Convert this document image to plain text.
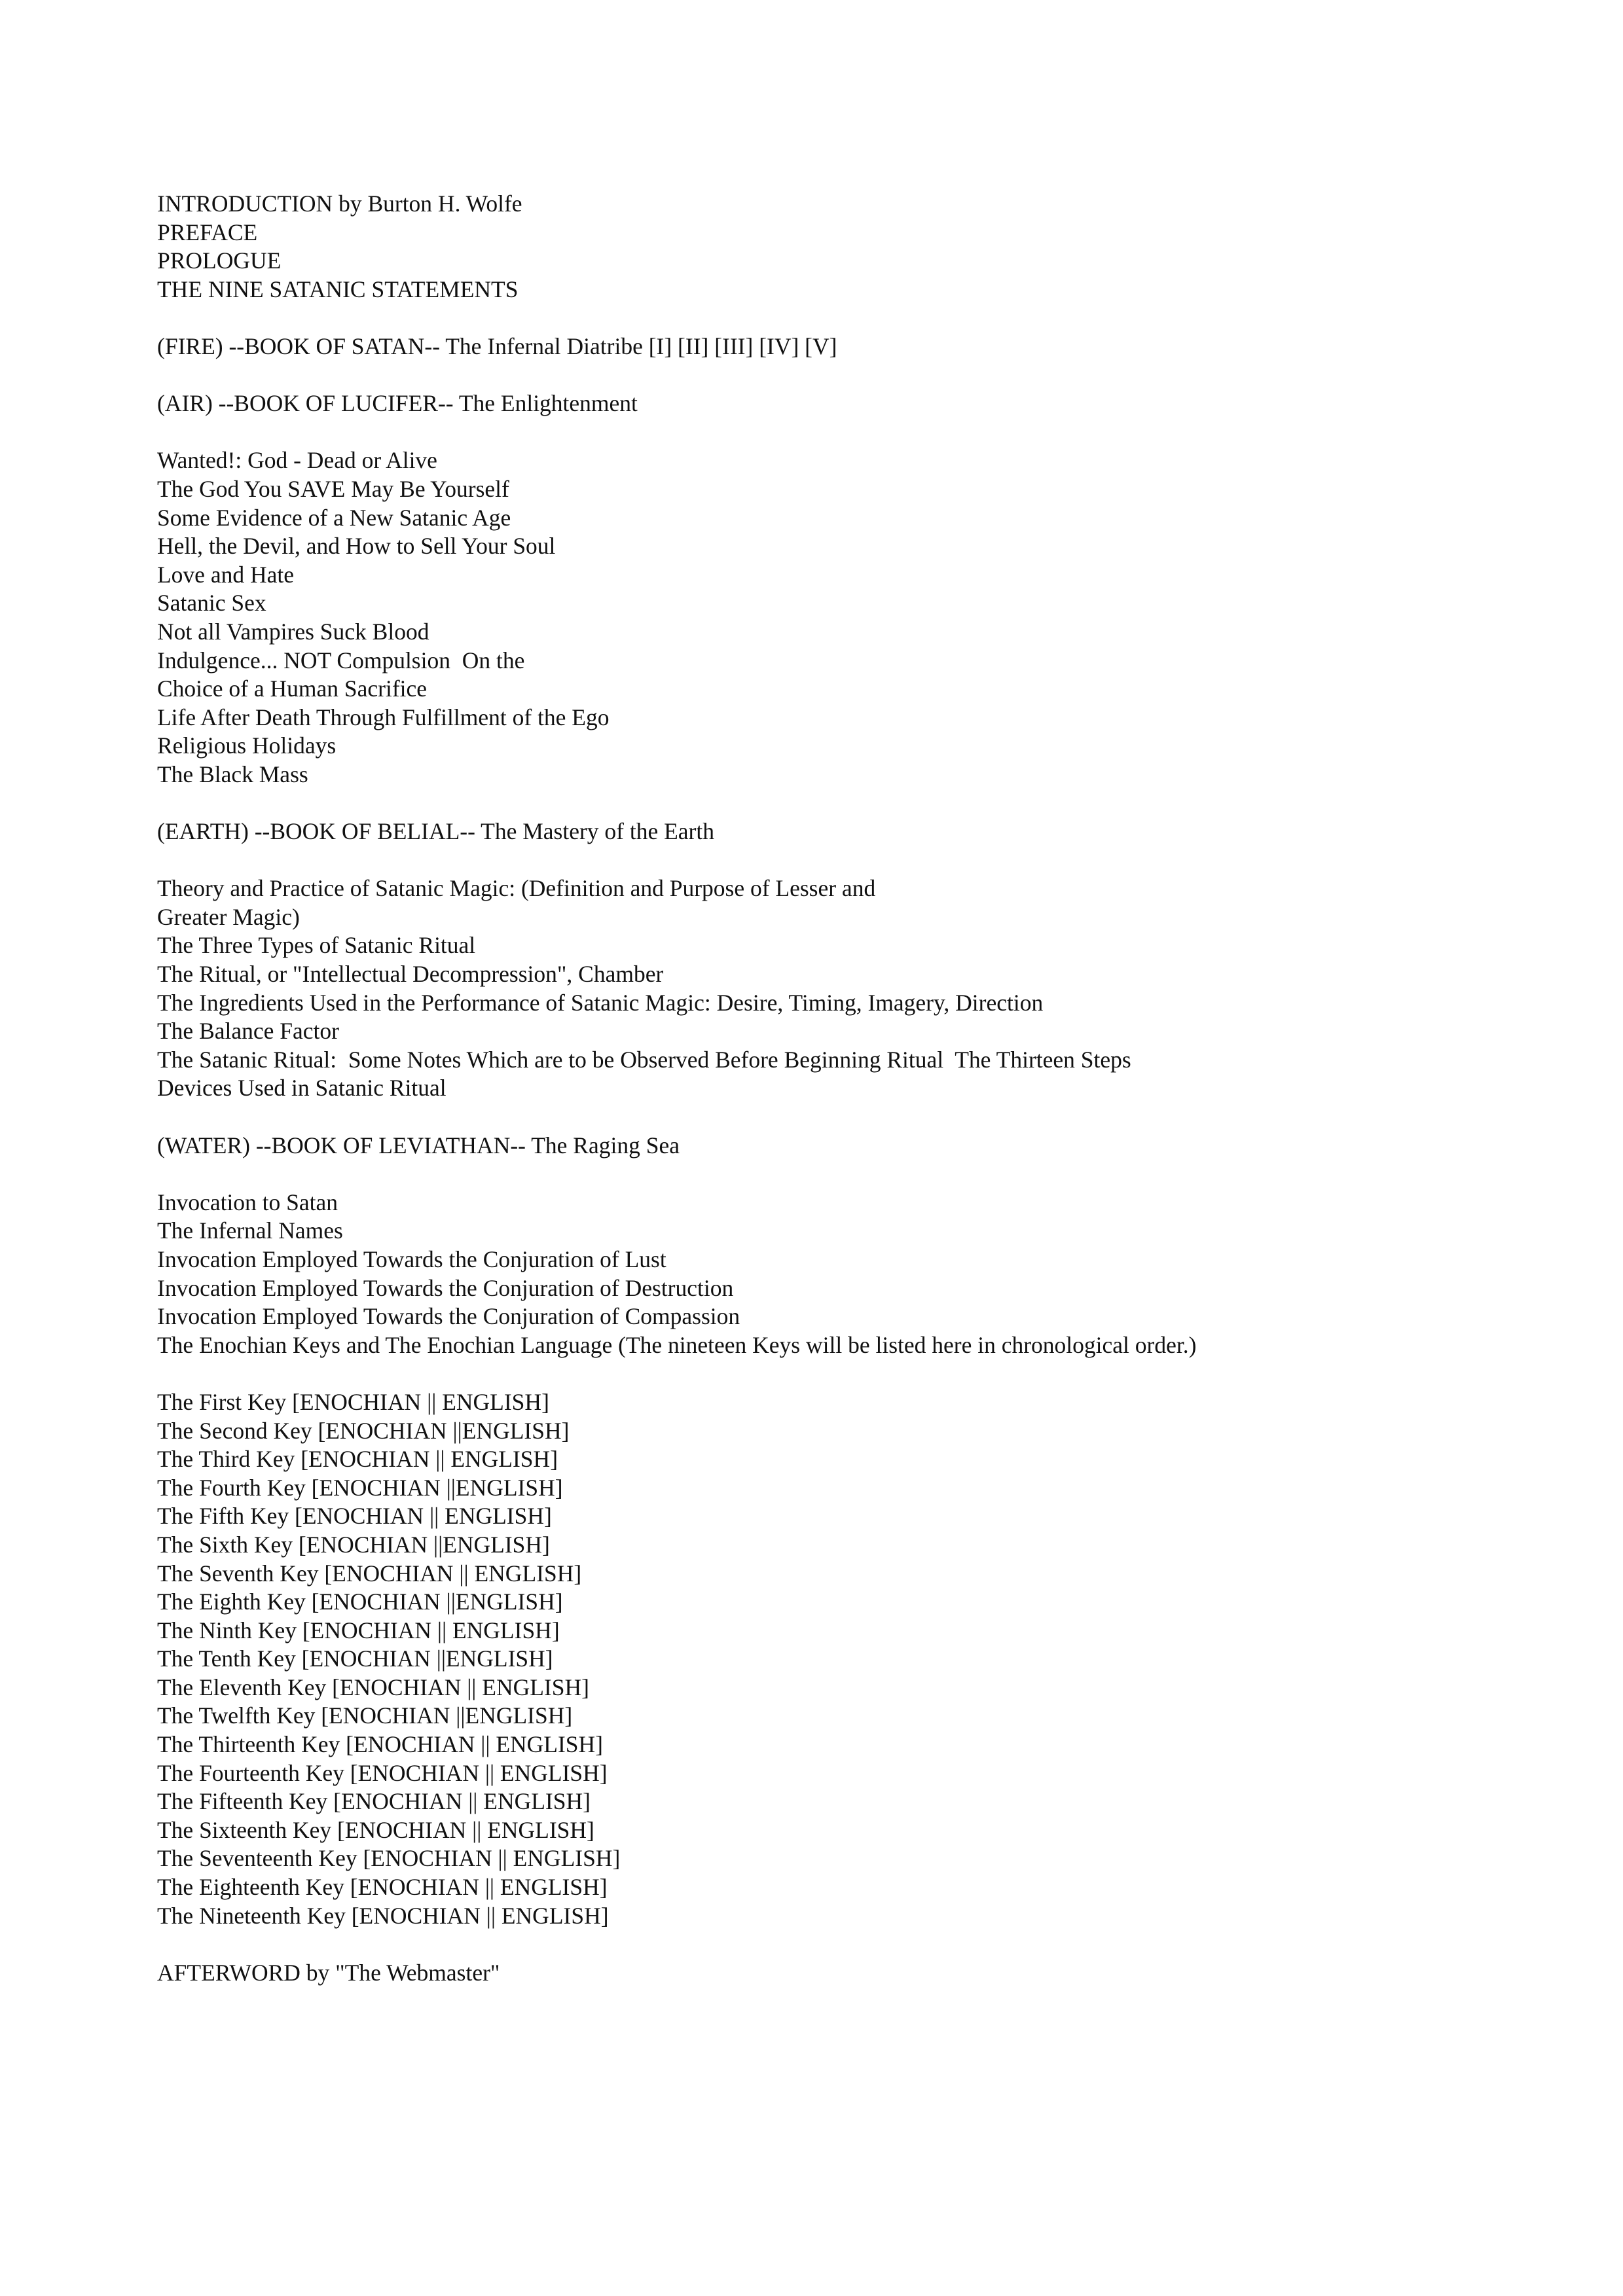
INTRODUCTION by Burton H. Wolfe
PREFACE
PROLOGUE
THE NINE SATANIC STATEMENTS
(FIRE) --BOOK OF SATAN-- The Infernal Diatribe [I] [II] [III] [IV] [V]
(AIR) --BOOK OF LUCIFER-- The Enlightenment
Wanted!: God - Dead or Alive
The God You SAVE May Be Yourself
Some Evidence of a New Satanic Age
Hell, the Devil, and How to Sell Your Soul
Love and Hate
Satanic Sex
Not all Vampires Suck Blood
Indulgence... NOT Compulsion  On the
Choice of a Human Sacrifice
Life After Death Through Fulfillment of the Ego
Religious Holidays
The Black Mass
(EARTH) --BOOK OF BELIAL-- The Mastery of the Earth
Theory and Practice of Satanic Magic: (Definition and Purpose of Lesser and
Greater Magic)
The Three Types of Satanic Ritual
The Ritual, or "Intellectual Decompression", Chamber
The Ingredients Used in the Performance of Satanic Magic: Desire, Timing, Imagery, Direction
The Balance Factor
The Satanic Ritual:  Some Notes Which are to be Observed Before Beginning Ritual  The Thirteen Steps
Devices Used in Satanic Ritual
(WATER) --BOOK OF LEVIATHAN-- The Raging Sea
Invocation to Satan
The Infernal Names
Invocation Employed Towards the Conjuration of Lust
Invocation Employed Towards the Conjuration of Destruction
Invocation Employed Towards the Conjuration of Compassion
The Enochian Keys and The Enochian Language (The nineteen Keys will be listed here in chronological order.)
The First Key [ENOCHIAN || ENGLISH]
The Second Key [ENOCHIAN ||ENGLISH]
The Third Key [ENOCHIAN || ENGLISH]
The Fourth Key [ENOCHIAN ||ENGLISH]
The Fifth Key [ENOCHIAN || ENGLISH]
The Sixth Key [ENOCHIAN ||ENGLISH]
The Seventh Key [ENOCHIAN || ENGLISH]
The Eighth Key [ENOCHIAN ||ENGLISH]
The Ninth Key [ENOCHIAN || ENGLISH]
The Tenth Key [ENOCHIAN ||ENGLISH]
The Eleventh Key [ENOCHIAN || ENGLISH]
The Twelfth Key [ENOCHIAN ||ENGLISH]
The Thirteenth Key [ENOCHIAN || ENGLISH]
The Fourteenth Key [ENOCHIAN || ENGLISH]
The Fifteenth Key [ENOCHIAN || ENGLISH]
The Sixteenth Key [ENOCHIAN || ENGLISH]
The Seventeenth Key [ENOCHIAN || ENGLISH]
The Eighteenth Key [ENOCHIAN || ENGLISH]
The Nineteenth Key [ENOCHIAN || ENGLISH]
AFTERWORD by "The Webmaster"
